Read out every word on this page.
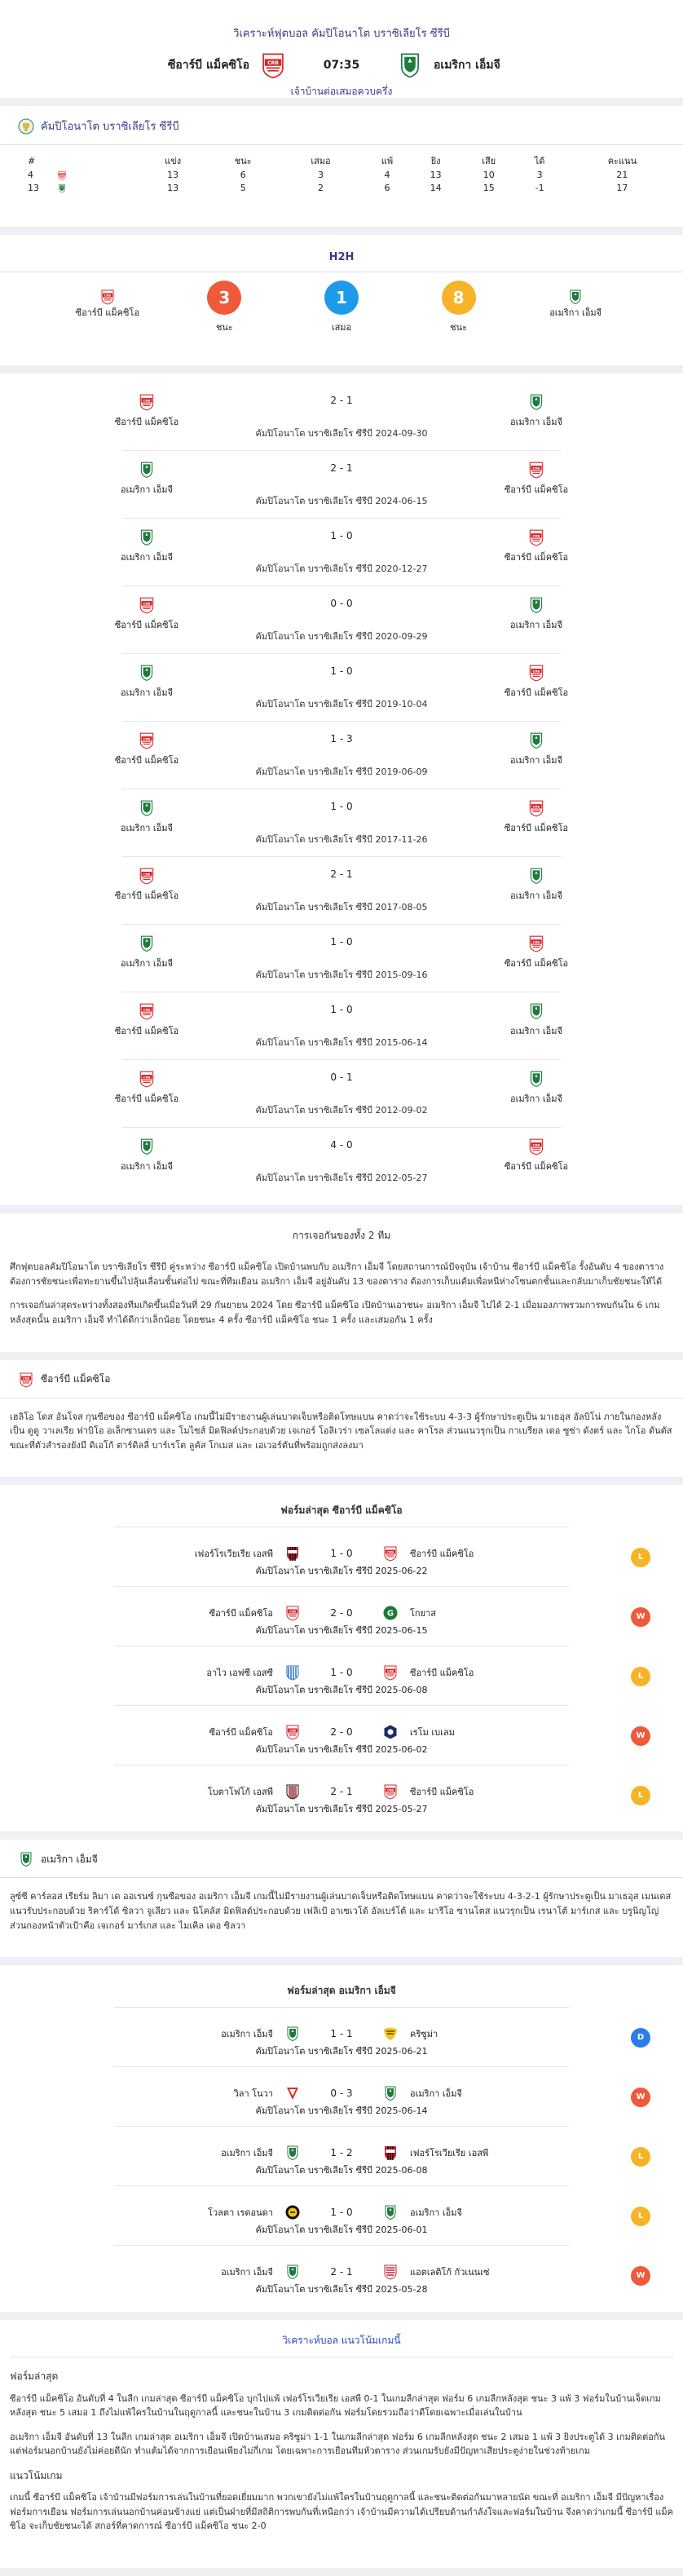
วิเคราะห์ฟุตบอล คัมปิโอนาโต บราซิเลียโร ซีรีบี
ซีอาร์บี แม็คซิโอ	07:35	อเมริกา เอ็มจี
เจ้าบ้านต่อเสมอควบครึ่ง
คัมปิโอนาโต บราซิเลียโร ซีรีบี
#		แข่ง	ชนะ	เสมอ	แพ้	ยิง	เสีย	ได้	คะแนน
4		13	6	3	4	13	10	3	21
13		13	5	2	6	14	15	-1	17
H2H
ซีอาร์บี แม็คซิโอ
3
ชนะ
1
เสมอ
8
ชนะ
อเมริกา เอ็มจี
ซีอาร์บี แม็คซิโอ
2 - 1
อเมริกา เอ็มจี
คัมปิโอนาโต บราซิเลียโร ซีรีบี 2024-09-30
อเมริกา เอ็มจี
2 - 1
ซีอาร์บี แม็คซิโอ
คัมปิโอนาโต บราซิเลียโร ซีรีบี 2024-06-15
อเมริกา เอ็มจี
1 - 0
ซีอาร์บี แม็คซิโอ
คัมปิโอนาโต บราซิเลียโร ซีรีบี 2020-12-27
ซีอาร์บี แม็คซิโอ
0 - 0
อเมริกา เอ็มจี
คัมปิโอนาโต บราซิเลียโร ซีรีบี 2020-09-29
อเมริกา เอ็มจี
1 - 0
ซีอาร์บี แม็คซิโอ
คัมปิโอนาโต บราซิเลียโร ซีรีบี 2019-10-04
ซีอาร์บี แม็คซิโอ
1 - 3
อเมริกา เอ็มจี
คัมปิโอนาโต บราซิเลียโร ซีรีบี 2019-06-09
อเมริกา เอ็มจี
1 - 0
ซีอาร์บี แม็คซิโอ
คัมปิโอนาโต บราซิเลียโร ซีรีบี 2017-11-26
ซีอาร์บี แม็คซิโอ
2 - 1
อเมริกา เอ็มจี
คัมปิโอนาโต บราซิเลียโร ซีรีบี 2017-08-05
อเมริกา เอ็มจี
1 - 0
ซีอาร์บี แม็คซิโอ
คัมปิโอนาโต บราซิเลียโร ซีรีบี 2015-09-16
ซีอาร์บี แม็คซิโอ
1 - 0
อเมริกา เอ็มจี
คัมปิโอนาโต บราซิเลียโร ซีรีบี 2015-06-14
ซีอาร์บี แม็คซิโอ
0 - 1
อเมริกา เอ็มจี
คัมปิโอนาโต บราซิเลียโร ซีรีบี 2012-09-02
อเมริกา เอ็มจี
4 - 0
ซีอาร์บี แม็คซิโอ
คัมปิโอนาโต บราซิเลียโร ซีรีบี 2012-05-27
การเจอกันของทั้ง 2 ทีม

ศึกฟุตบอลคัมปิโอนาโต บราซิเลียโร ซีรีบี คู่ระหว่าง ซีอาร์บี แม็คซิโอ เปิดบ้านพบกับ อเมริกา เอ็มจี โดยสถานการณ์ปัจจุบัน เจ้าบ้าน ซีอาร์บี แม็คซิโอ รั้งอันดับ 4 ของตาราง ต้องการชัยชนะเพื่อทะยานขึ้นไปลุ้นเลื่อนชั้นต่อไป ขณะที่ทีมเยือน อเมริกา เอ็มจี อยู่อันดับ 13 ของตาราง ต้องการเก็บแต้มเพื่อหนีห่างโซนตกชั้นและกลับมาเก็บชัยชนะให้ได้

การเจอกันล่าสุดระหว่างทั้งสองทีมเกิดขึ้นเมื่อวันที่ 29 กันยายน 2024 โดย ซีอาร์บี แม็คซิโอ เปิดบ้านเอาชนะ อเมริกา เอ็มจี ไปได้ 2-1 เมื่อมองภาพรวมการพบกันใน 6 เกมหลังสุดนั้น อเมริกา เอ็มจี ทำได้ดีกว่าเล็กน้อย โดยชนะ 4 ครั้ง ซีอาร์บี แม็คซิโอ ชนะ 1 ครั้ง และเสมอกัน 1 ครั้ง

ซีอาร์บี แม็คซิโอ

เฮลิโอ โดส อันโจส กุนซือของ ซีอาร์บี แม็คซิโอ เกมนี้ไม่มีรายงานผู้เล่นบาดเจ็บหรือติดโทษแบน คาดว่าจะใช้ระบบ 4-3-3 ผู้รักษาประตูเป็น มาเธอุส อัลบิโน่ ภายในกองหลังเป็น ดูดู วาเลเรีย ฟาบิโอ อเล็กซานเดร และ โมไซส์ มิดฟิลด์ประกอบด้วย เจเกอร์ โอลิเวร่า เซลโลแต่ง และ คาโรล ส่วนแนวรุกเป็น กาเบรียล เดอ ซูซ่า ดังตร์ และ ไกโอ ดันตัส ขณะที่ตัวสำรองยังมี ดิเอโก้ ตาร์ดิลลี่ บาร์เรโต ลูคัส โกเมส และ เอเวอร์ตันที่พร้อมถูกส่งลงมา

ฟอร์มล่าสุด ซีอาร์บี แม็คซิโอ
เฟอร์โรเวียเรีย เอสพี	1 - 0	ซีอาร์บี แม็คซิโอ
คัมปิโอนาโต บราซิเลียโร ซีรีบี 2025-06-22
L
ซีอาร์บี แม็คซิโอ	2 - 0	โกยาส
คัมปิโอนาโต บราซิเลียโร ซีรีบี 2025-06-15
W
อาไว เอฟซี เอสซี	1 - 0	ซีอาร์บี แม็คซิโอ
คัมปิโอนาโต บราซิเลียโร ซีรีบี 2025-06-08
L
ซีอาร์บี แม็คซิโอ	2 - 0	เรโม เบเลม
คัมปิโอนาโต บราซิเลียโร ซีรีบี 2025-06-02
W
โบตาโฟโก้ เอสพี	2 - 1	ซีอาร์บี แม็คซิโอ
คัมปิโอนาโต บราซิเลียโร ซีรีบี 2025-05-27
L
อเมริกา เอ็มจี

ลูซ์ซี คาร์ลอส เรียร์ม ลิมา เด ออเรนซ์ กุนซือของ อเมริกา เอ็มจี เกมนี้ไม่มีรายงานผู้เล่นบาดเจ็บหรือติดโทษแบน คาดว่าจะใช้ระบบ 4-3-2-1 ผู้รักษาประตูเป็น มาเธอุส เมนเดส แนวรับประกอบด้วย ริคาร์โด้ ซิลวา จูเลียว และ นิโคลัส มิดฟิลด์ประกอบด้วย เฟลิเป้ อาเซเวโด้ อัลเบร์โต้ และ มารีโอ ซานโตส แนวรุกเป็น เรนาโต้ มาร์เกส และ บรูนิญโญ่ ส่วนกองหน้าตัวเป้าคือ เจเกอร์ มาร์เกส และ ไมเคิล เดอ ซิลวา

ฟอร์มล่าสุด อเมริกา เอ็มจี
อเมริกา เอ็มจี	1 - 1	คริซูม่า
คัมปิโอนาโต บราซิเลียโร ซีรีบี 2025-06-21
D
วิลา โนวา	0 - 3	อเมริกา เอ็มจี
คัมปิโอนาโต บราซิเลียโร ซีรีบี 2025-06-14
W
อเมริกา เอ็มจี	1 - 2	เฟอร์โรเวียเรีย เอสพี
คัมปิโอนาโต บราซิเลียโร ซีรีบี 2025-06-08
L
โวลตา เรดอนดา	1 - 0	อเมริกา เอ็มจี
คัมปิโอนาโต บราซิเลียโร ซีรีบี 2025-06-01
L
อเมริกา เอ็มจี	2 - 1	แอตเลติโก้ กัวเนนเซ่
คัมปิโอนาโต บราซิเลียโร ซีรีบี 2025-05-28
W
วิเคราะห์บอล แนวโน้มเกมนี้
ฟอร์มล่าสุด

ซีอาร์บี แม็คซิโอ อันดับที่ 4 ในลีก เกมล่าสุด ซีอาร์บี แม็คซิโอ บุกไปแพ้ เฟอร์โรเวียเรีย เอสพี 0-1 ในเกมลีกล่าสุด ฟอร์ม 6 เกมลีกหลังสุด ชนะ 3 แพ้ 3 ฟอร์มในบ้านเจ็ดเกมหลังสุด ชนะ 5 เสมอ 1 ถึงไม่แพ้ใครในบ้านในฤดูกาลนี้ และชนะในบ้าน 3 เกมติดต่อกัน ฟอร์มโดยรวมถือว่าดีโดยเฉพาะเมื่อเล่นในบ้าน

อเมริกา เอ็มจี อันดับที่ 13 ในลีก เกมล่าสุด อเมริกา เอ็มจี เปิดบ้านเสมอ คริซูม่า 1-1 ในเกมลีกล่าสุด ฟอร์ม 6 เกมลีกหลังสุด ชนะ 2 เสมอ 1 แพ้ 3 ยิงประตูได้ 3 เกมติดต่อกัน แต่ฟอร์มนอกบ้านยังไม่ค่อยดีนัก ทำแต้มได้จากการเยือนเพียงไม่กี่เกม โดยเฉพาะการเยือนทีมหัวตาราง ส่วนเกมรับยังมีปัญหาเสียประตูง่ายในช่วงท้ายเกม

แนวโน้มเกม

เกมนี้ ซีอาร์บี แม็คซิโอ เจ้าบ้านมีฟอร์มการเล่นในบ้านที่ยอดเยี่ยมมาก พวกเขายังไม่แพ้ใครในบ้านฤดูกาลนี้ และชนะติดต่อกันมาหลายนัด ขณะที่ อเมริกา เอ็มจี มีปัญหาเรื่องฟอร์มการเยือน ฟอร์มการเล่นนอกบ้านค่อนข้างแย่ แต่เป็นฝ่ายที่มีสถิติการพบกันที่เหนือกว่า เจ้าบ้านมีความได้เปรียบด้านกำลังใจและฟอร์มในบ้าน จึงคาดว่าเกมนี้ ซีอาร์บี แม็คซิโอ จะเก็บชัยชนะได้ สกอร์ที่คาดการณ์ ซีอาร์บี แม็คซิโอ ชนะ 2-0
